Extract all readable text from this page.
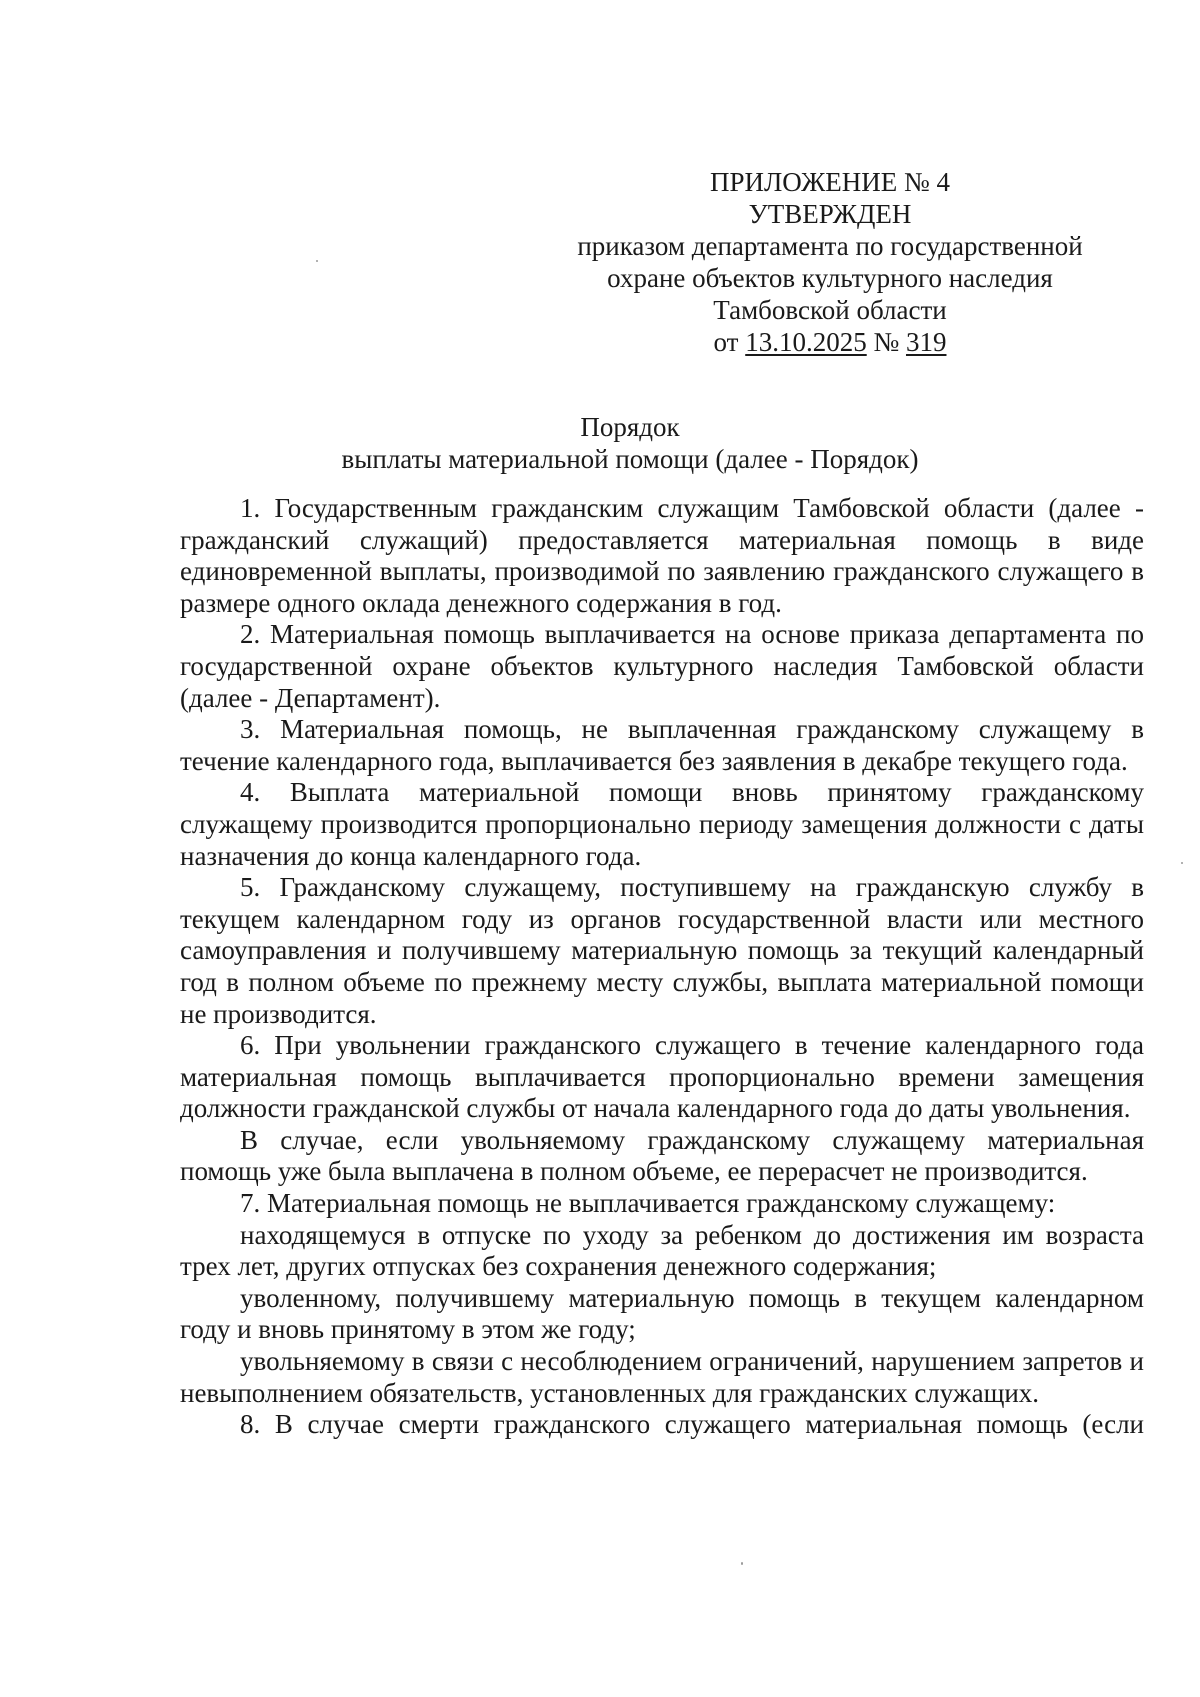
ПРИЛОЖЕНИЕ № 4
УТВЕРЖДЕН
приказом департамента по государственной
охране объектов культурного наследия
Тамбовской области
от 13.10.2025 № 319
Порядок
выплаты материальной помощи (далее - Порядок)

1. Государственным гражданским служащим Тамбовской области (далее - гражданский служащий) предоставляется материальная помощь в виде единовременной выплаты, производимой по заявлению гражданского служащего в размере одного оклада денежного содержания в год.

2. Материальная помощь выплачивается на основе приказа департамента по государственной охране объектов культурного наследия Тамбовской области (далее - Департамент).

3. Материальная помощь, не выплаченная гражданскому служащему в течение календарного года, выплачивается без заявления в декабре текущего года.

4. Выплата материальной помощи вновь принятому гражданскому служащему производится пропорционально периоду замещения должности с даты назначения до конца календарного года.

5. Гражданскому служащему, поступившему на гражданскую службу в текущем календарном году из органов государственной власти или местного самоуправления и получившему материальную помощь за текущий календарный год в полном объеме по прежнему месту службы, выплата материальной помощи не производится.

6. При увольнении гражданского служащего в течение календарного года материальная помощь выплачивается пропорционально времени замещения должности гражданской службы от начала календарного года до даты увольнения.

В случае, если увольняемому гражданскому служащему материальная помощь уже была выплачена в полном объеме, ее перерасчет не производится.

7. Материальная помощь не выплачивается гражданскому служащему:

находящемуся в отпуске по уходу за ребенком до достижения им возраста трех лет, других отпусках без сохранения денежного содержания;

уволенному, получившему материальную помощь в текущем календарном году и вновь принятому в этом же году;

увольняемому в связи с несоблюдением ограничений, нарушением запретов и невыполнением обязательств, установленных для гражданских служащих.

8. В случае смерти гражданского служащего материальная помощь (если
